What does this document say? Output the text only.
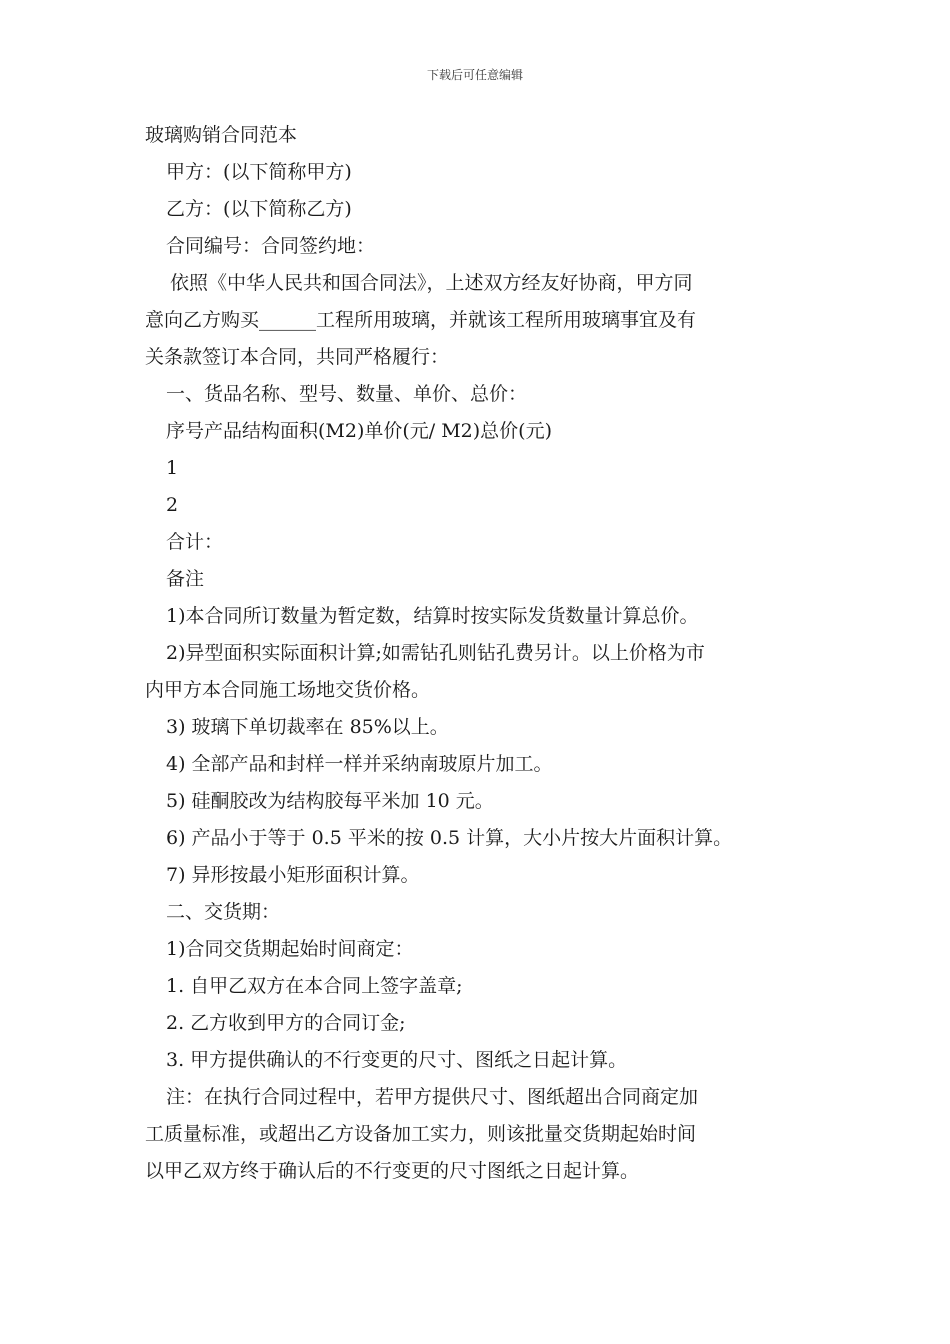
下载后可任意编辑
玻璃购销合同范本
甲方：(以下简称甲方)
乙方：(以下简称乙方)
合同编号：合同签约地：
依照《中华人民共和国合同法》，上述双方经友好协商，甲方同
意向乙方购买______工程所用玻璃，并就该工程所用玻璃事宜及有
关条款签订本合同，共同严格履行：
一、货品名称、型号、数量、单价、总价：
序号产品结构面积(M2)单价(元/ M2)总价(元)
1
2
合计：
备注
1)本合同所订数量为暂定数，结算时按实际发货数量计算总价。
2)异型面积实际面积计算;如需钻孔则钻孔费另计。以上价格为市
内甲方本合同施工场地交货价格。
3) 玻璃下单切裁率在 85%以上。
4) 全部产品和封样一样并采纳南玻原片加工。
5) 硅酮胶改为结构胶每平米加 10 元。
6) 产品小于等于 0.5 平米的按 0.5 计算，大小片按大片面积计算。
7) 异形按最小矩形面积计算。
二、交货期：
1)合同交货期起始时间商定：
1. 自甲乙双方在本合同上签字盖章;
2. 乙方收到甲方的合同订金;
3. 甲方提供确认的不行变更的尺寸、图纸之日起计算。
注：在执行合同过程中，若甲方提供尺寸、图纸超出合同商定加
工质量标准，或超出乙方设备加工实力，则该批量交货期起始时间
以甲乙双方终于确认后的不行变更的尺寸图纸之日起计算。
